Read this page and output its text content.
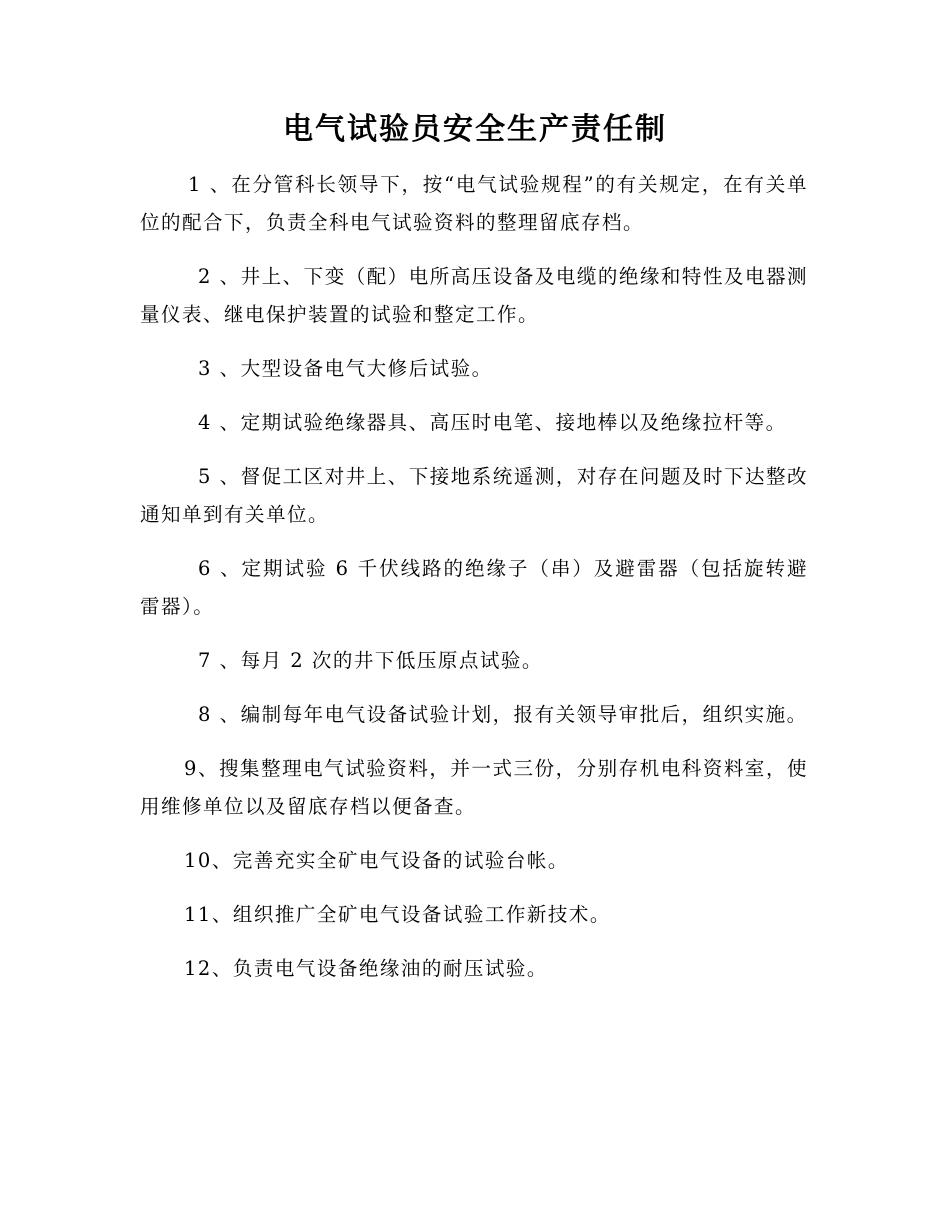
电气试验员安全生产责任制

1 、在分管科长领导下，按“电气试验规程”的有关规定，在有关单位的配合下，负责全科电气试验资料的整理留底存档。

2 、井上、下变（配）电所高压设备及电缆的绝缘和特性及电器测量仪表、继电保护装置的试验和整定工作。

3 、大型设备电气大修后试验。

4 、定期试验绝缘器具、高压时电笔、接地棒以及绝缘拉杆等。

5 、督促工区对井上、下接地系统遥测，对存在问题及时下达整改通知单到有关单位。

6 、定期试验 6 千伏线路的绝缘子（串）及避雷器（包括旋转避雷器）。

7 、每月 2 次的井下低压原点试验。

8 、编制每年电气设备试验计划，报有关领导审批后，组织实施。

9、搜集整理电气试验资料，并一式三份，分别存机电科资料室，使用维修单位以及留底存档以便备查。

10、完善充实全矿电气设备的试验台帐。

11、组织推广全矿电气设备试验工作新技术。

12、负责电气设备绝缘油的耐压试验。
